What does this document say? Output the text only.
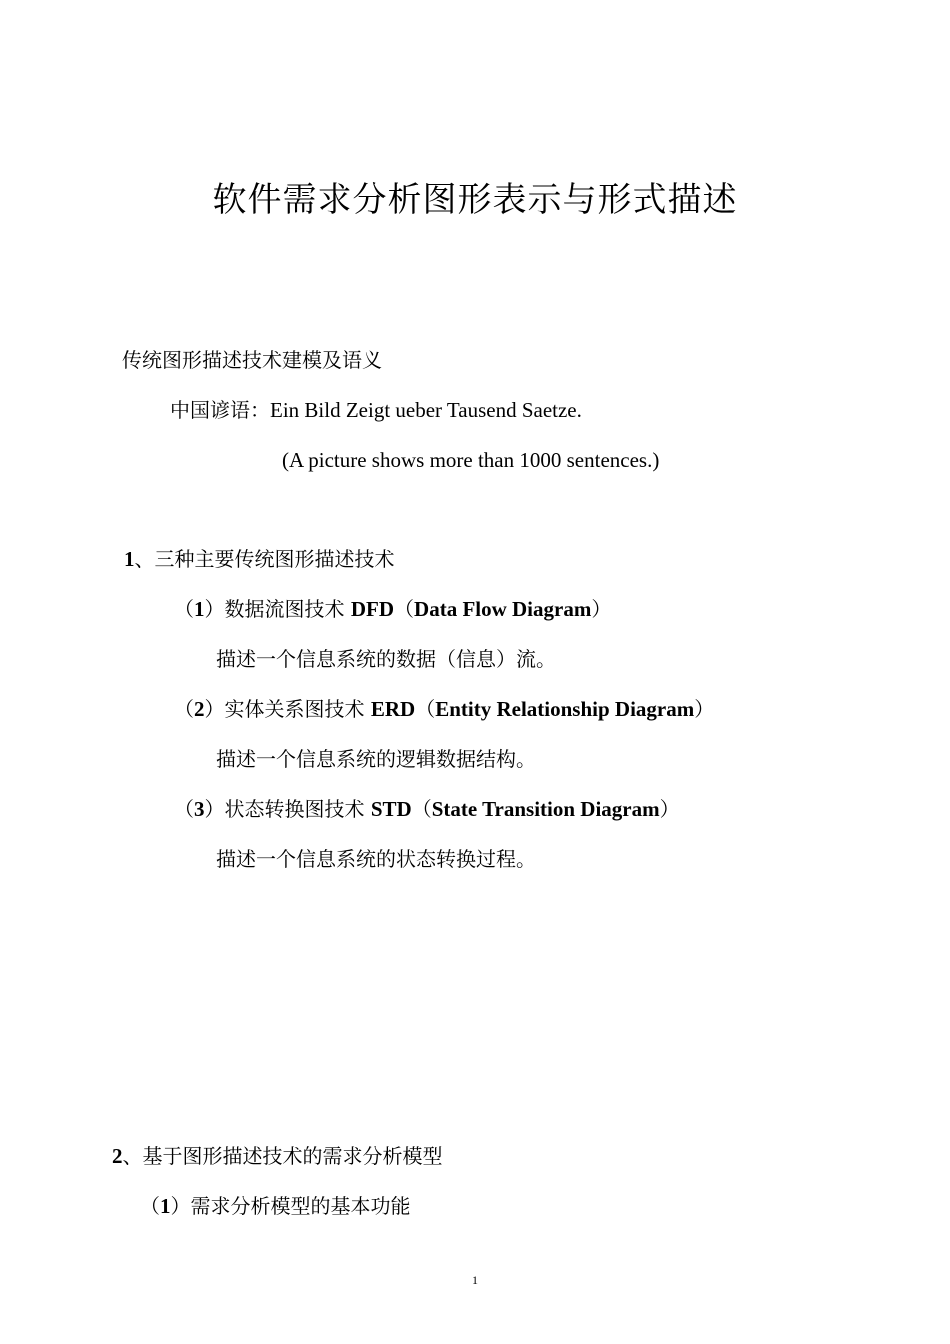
软件需求分析图形表示与形式描述
传统图形描述技术建模及语义
中国谚语：Ein Bild Zeigt ueber Tausend Saetze.
(A picture shows more than 1000 sentences.)
1、三种主要传统图形描述技术
（1）数据流图技术 DFD（Data Flow Diagram）
描述一个信息系统的数据（信息）流。
（2）实体关系图技术 ERD（Entity Relationship Diagram）
描述一个信息系统的逻辑数据结构。
（3）状态转换图技术 STD（State Transition Diagram）
描述一个信息系统的状态转换过程。
2、基于图形描述技术的需求分析模型
（1）需求分析模型的基本功能
1
